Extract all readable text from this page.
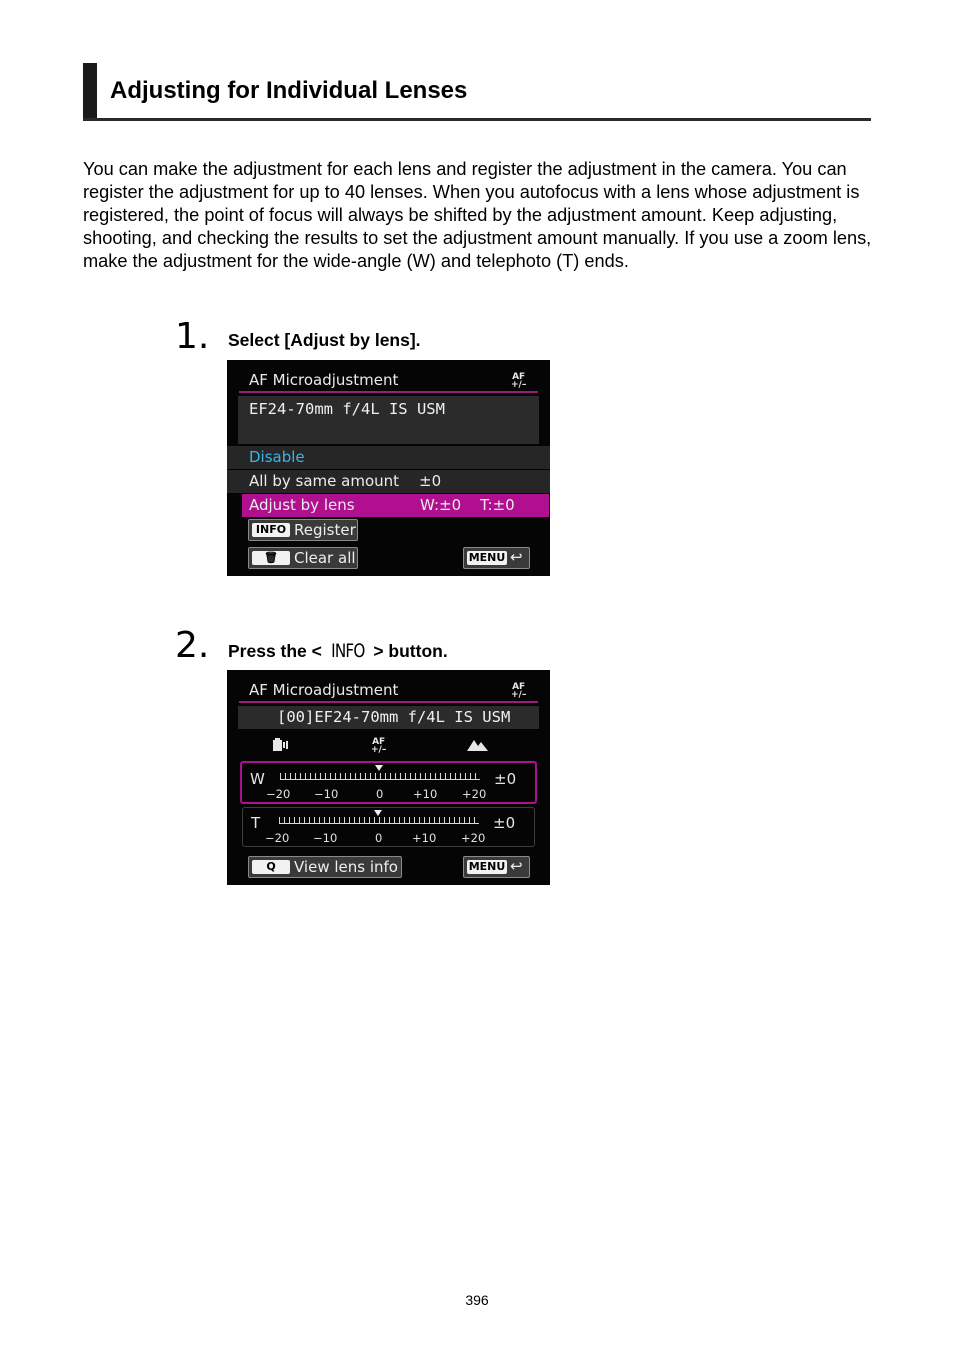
Adjusting for Individual Lenses

You can make the adjustment for each lens and register the adjustment in the camera. You can register the adjustment for up to 40 lenses. When you autofocus with a lens whose adjustment is registered, the point of focus will always be shifted by the adjustment amount. Keep adjusting, shooting, and checking the results to set the adjustment amount manually. If you use a zoom lens, make the adjustment for the wide-angle (W) and telephoto (T) ends.

1. Select [Adjust by lens].
AF Microadjustment	AF
+/–
EF24-70mm f/4L IS USM
Disable
All by same amount ±0
Adjust by lens	W:±0 T:±0
INFO Register
🗑	Clear all	MENU ↩
2. Press the < INFO > button.
AF Microadjustment	AF
+/–
[00]EF24-70mm f/4L IS USM
AF
+/–
W
−20 −10	0	+10 +20
±0
T
−20 −10	0	+10 +20
±0
Q	View lens info	MENU ↩
396
